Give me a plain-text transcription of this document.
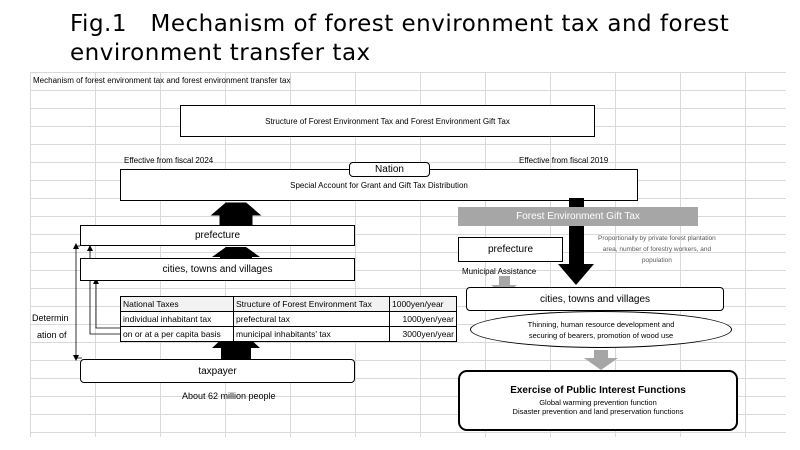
Fig.1　Mechanism of forest environment tax and forest
environment transfer tax
Mechanism of forest environment tax and forest environment transfer tax
Structure of Forest Environment Tax and Forest Environment Gift Tax
Effective from fiscal 2024	Effective from fiscal 2019
Special Account for Grant and Gift Tax Distribution
Nation
prefecture
cities, towns and villages
Determin
ation of
National Taxes	Structure of Forest Environment Tax	1000yen/year
individual inhabitant tax	prefectural tax	1000yen/year
on or at a per capita basis	municipal inhabitants' tax	3000yen/year
taxpayer
About 62 million people
Forest Environment Gift Tax
prefecture
Proportionally by private forest plantation
area, number of forestry workers, and
population
Municipal Assistance
cities, towns and villages
Thinning, human resource development and
securing of bearers, promotion of wood use
Exercise of Public Interest Functions
Global warming prevention function
Disaster prevention and land preservation functions
